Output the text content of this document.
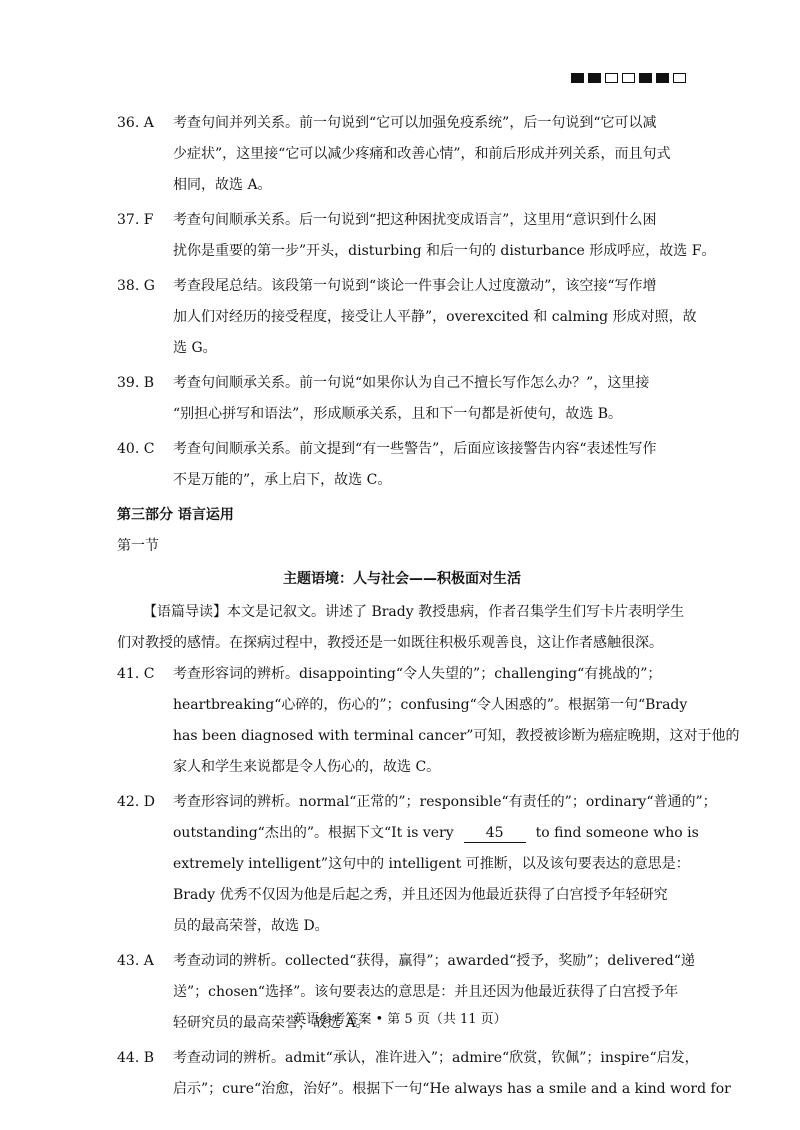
36. A	考查句间并列关系。前一句说到“它可以加强免疫系统”，后一句说到“它可以减
少症状”，这里接“它可以减少疼痛和改善心情”，和前后形成并列关系，而且句式
相同，故选 A。
37. F	考查句间顺承关系。后一句说到“把这种困扰变成语言”，这里用“意识到什么困
扰你是重要的第一步”开头，disturbing 和后一句的 disturbance 形成呼应，故选 F。
38. G	考查段尾总结。该段第一句说到“谈论一件事会让人过度激动”，该空接“写作增
加人们对经历的接受程度，接受让人平静”，overexcited 和 calming 形成对照，故
选 G。
39. B	考查句间顺承关系。前一句说“如果你认为自己不擅长写作怎么办？”，这里接
“别担心拼写和语法”，形成顺承关系，且和下一句都是祈使句，故选 B。
40. C	考查句间顺承关系。前文提到“有一些警告”，后面应该接警告内容“表述性写作
不是万能的”，承上启下，故选 C。
第三部分 语言运用
第一节
主题语境：人与社会——积极面对生活
【语篇导读】本文是记叙文。讲述了 Brady 教授患病，作者召集学生们写卡片表明学生
们对教授的感情。在探病过程中，教授还是一如既往积极乐观善良，这让作者感触很深。
41. C	考查形容词的辨析。disappointing“令人失望的”；challenging“有挑战的”；
heartbreaking“心碎的，伤心的”；confusing“令人困惑的”。根据第一句“Brady
has been diagnosed with terminal cancer”可知，教授被诊断为癌症晚期，这对于他的
家人和学生来说都是令人伤心的，故选 C。
42. D	考查形容词的辨析。normal“正常的”；responsible“有责任的”；ordinary“普通的”；
outstanding“杰出的”。根据下文“It is very 45 to find someone who is
extremely intelligent”这句中的 intelligent 可推断，以及该句要表达的意思是：
Brady 优秀不仅因为他是后起之秀，并且还因为他最近获得了白宫授予年轻研究
员的最高荣誉，故选 D。
43. A	考查动词的辨析。collected“获得，赢得”；awarded“授予，奖励”；delivered“递
送”；chosen“选择”。该句要表达的意思是：并且还因为他最近获得了白宫授予年
轻研究员的最高荣誉，故选 A。
44. B	考查动词的辨析。admit“承认，准许进入”；admire“欣赏，钦佩”；inspire“启发，
启示”；cure“治愈，治好”。根据下一句“He always has a smile and a kind word for
英语参考答案 • 第 5 页（共 11 页）
